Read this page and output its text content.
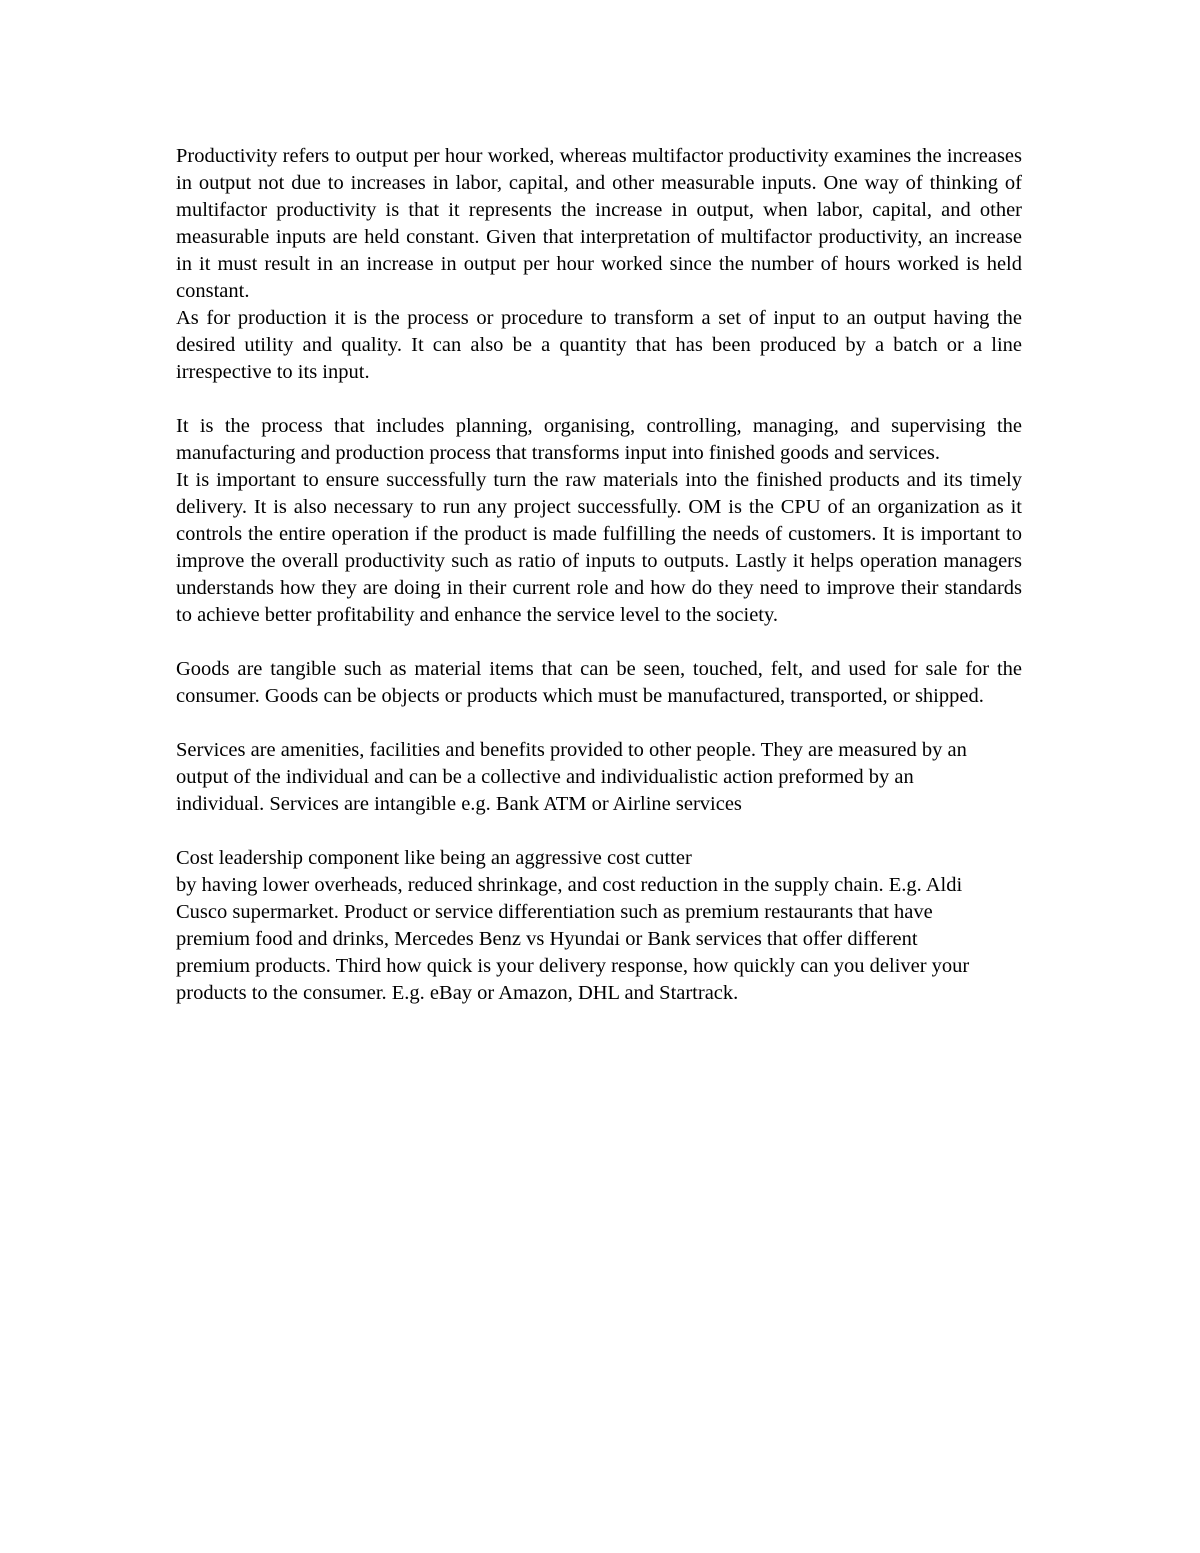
Productivity refers to output per hour worked, whereas multifactor productivity examines the increases in output not due to increases in labor, capital, and other measurable inputs. One way of thinking of multifactor productivity is that it represents the increase in output, when labor, capital, and other measurable inputs are held constant. Given that interpretation of multifactor productivity, an increase in it must result in an increase in output per hour worked since the number of hours worked is held constant.

As for production it is the process or procedure to transform a set of input to an output having the desired utility and quality. It can also be a quantity that has been produced by a batch or a line irrespective to its input.

It is the process that includes planning, organising, controlling, managing, and supervising the manufacturing and production process that transforms input into finished goods and services.

It is important to ensure successfully turn the raw materials into the finished products and its timely delivery. It is also necessary to run any project successfully. OM is the CPU of an organization as it controls the entire operation if the product is made fulfilling the needs of customers. It is important to improve the overall productivity such as ratio of inputs to outputs. Lastly it helps operation managers understands how they are doing in their current role and how do they need to improve their standards to achieve better profitability and enhance the service level to the society.

Goods are tangible such as material items that can be seen, touched, felt, and used for sale for the consumer. Goods can be objects or products which must be manufactured, transported, or shipped.

Services are amenities, facilities and benefits provided to other people. They are measured by an output of the individual and can be a collective and individualistic action preformed by an individual. Services are intangible e.g. Bank ATM or Airline services

Cost leadership component like being an aggressive cost cutter

by having lower overheads, reduced shrinkage, and cost reduction in the supply chain. E.g. Aldi Cusco supermarket. Product or service differentiation such as premium restaurants that have premium food and drinks, Mercedes Benz vs Hyundai or Bank services that offer different premium products. Third how quick is your delivery response, how quickly can you deliver your products to the consumer. E.g. eBay or Amazon, DHL and Startrack.
